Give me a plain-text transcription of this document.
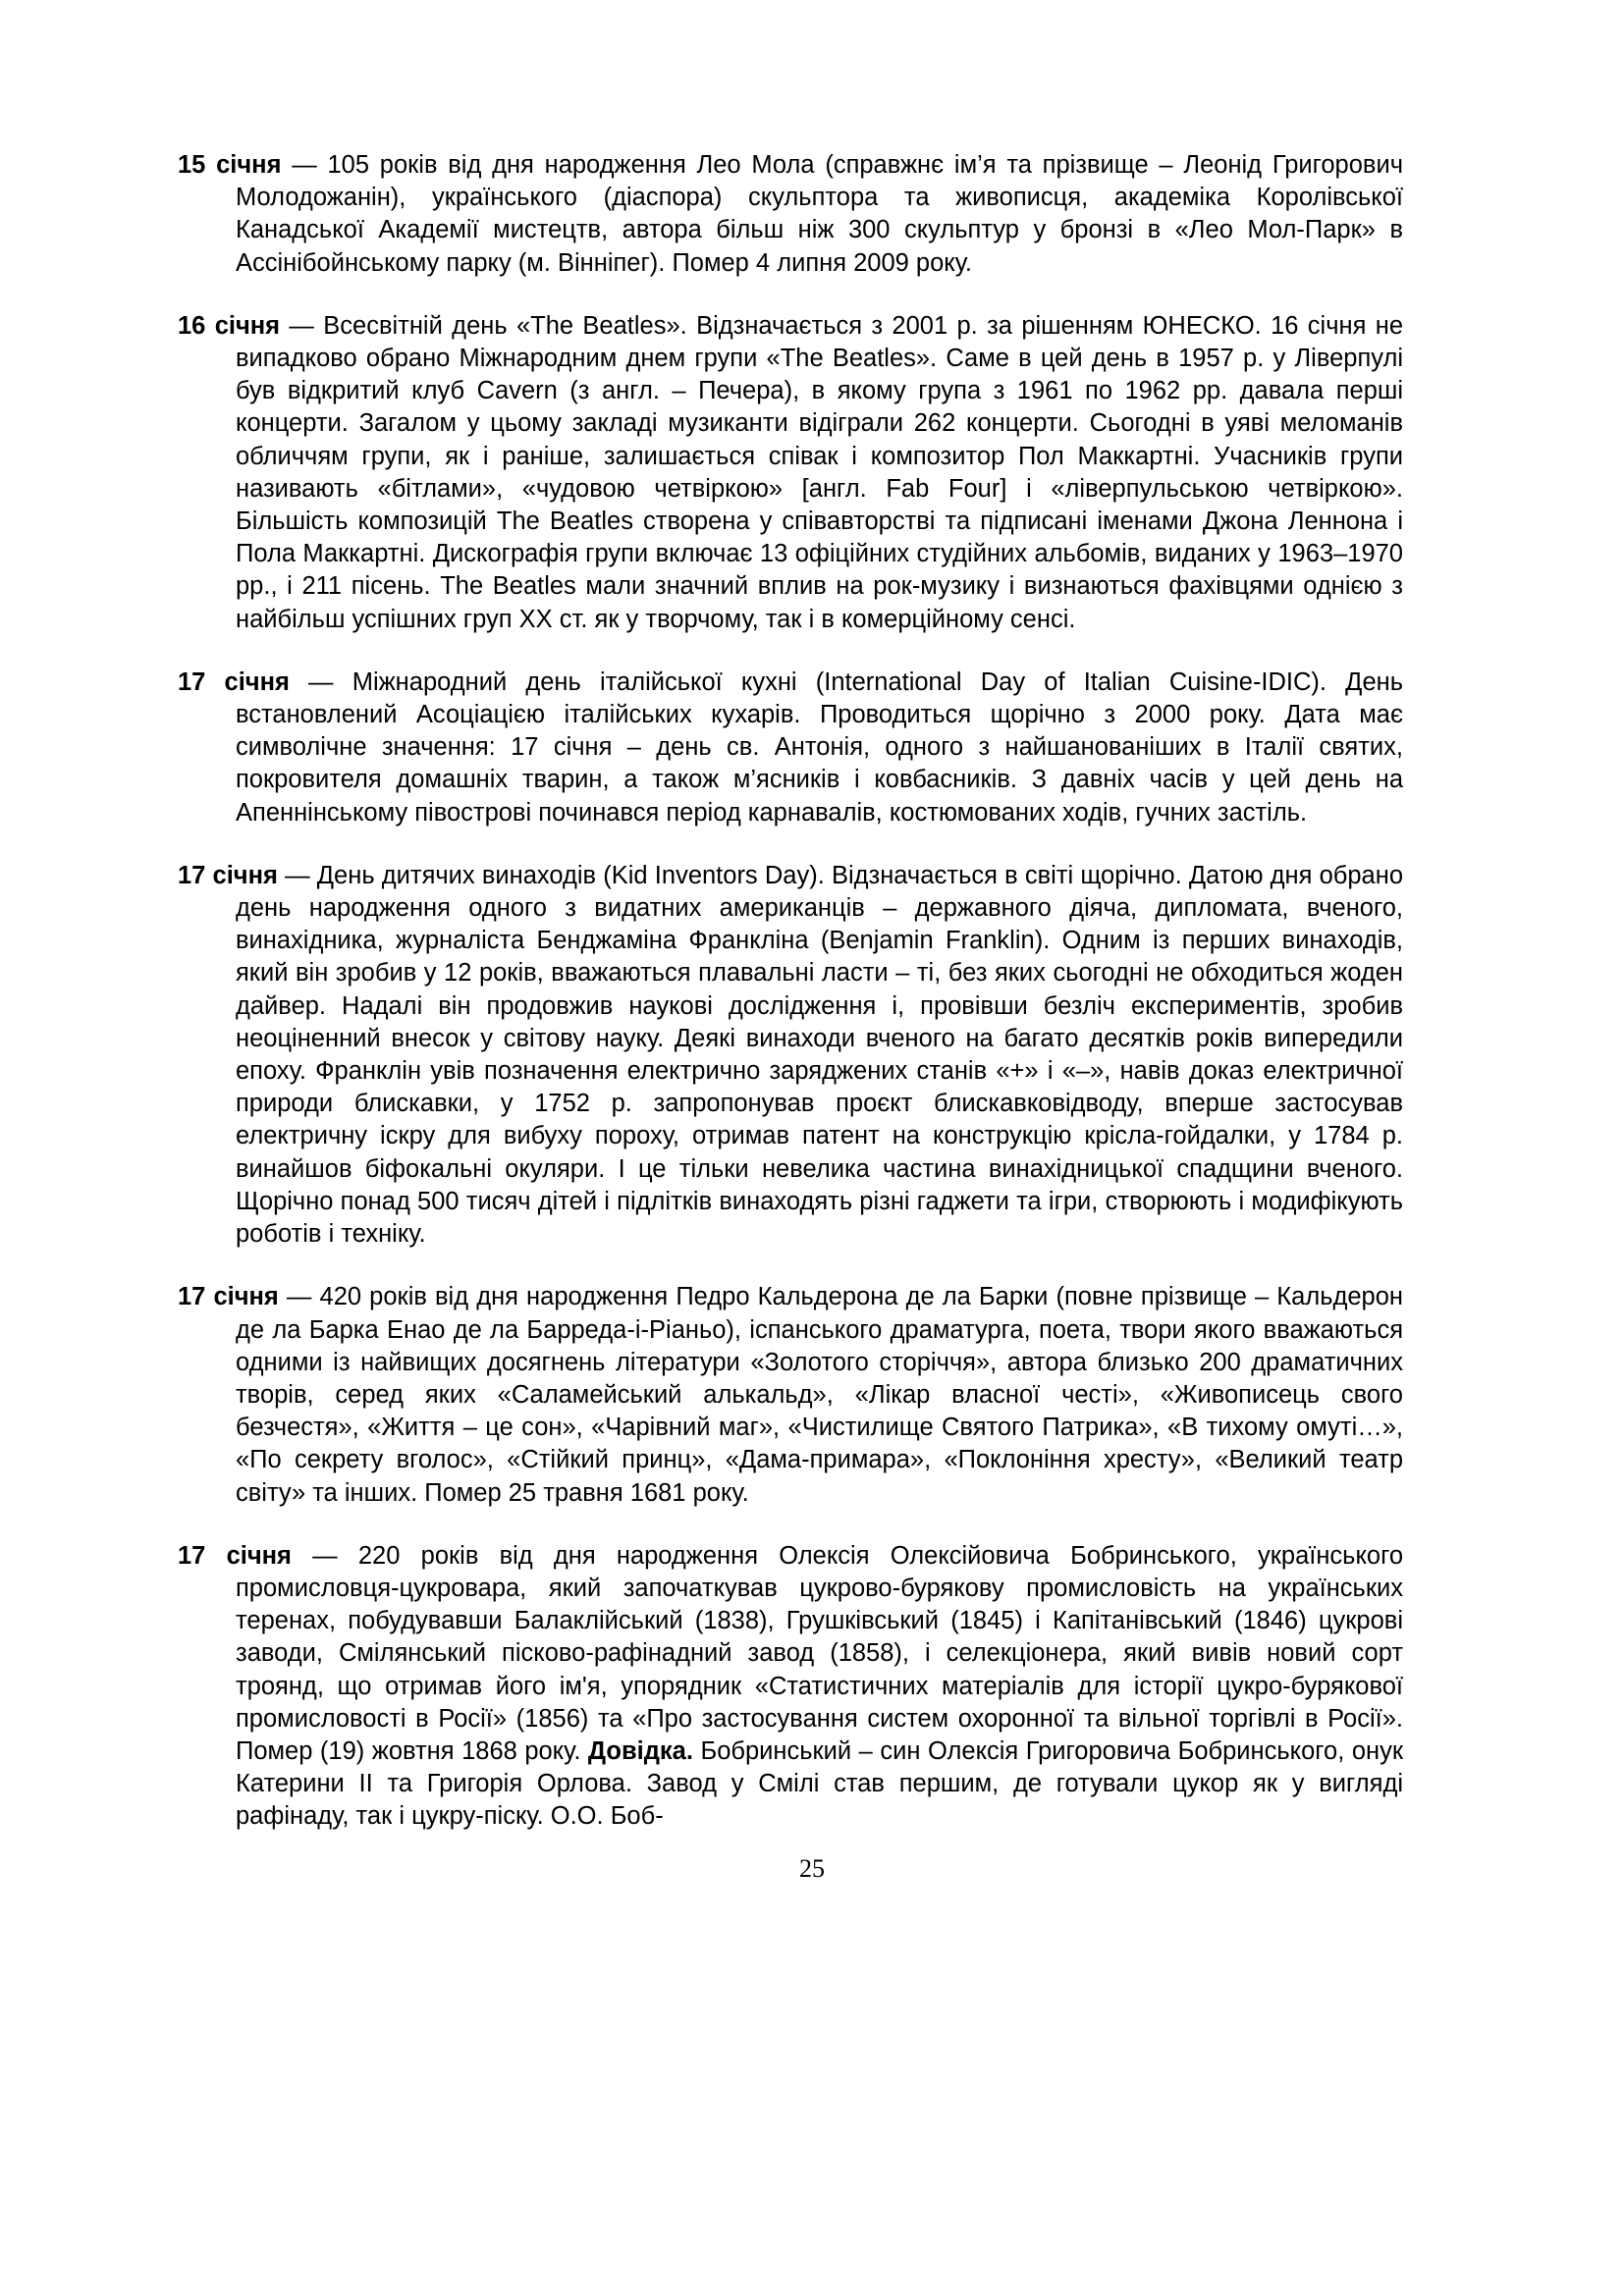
15 січня — 105 років від дня народження Лео Мола (справжнє ім’я та прізвище – Леонід Григорович Молодожанін), українського (діаспора) скульптора та живописця, академіка Королівської Канадської Академії мистецтв, автора більш ніж 300 скульптур у бронзі в «Лео Мол-Парк» в Ассінібойнському парку (м. Вінніпег). Помер 4 липня 2009 року.

16 січня — Всесвітній день «The Beatles». Відзначається з 2001 р. за рішенням ЮНЕСКО. 16 січня не випадково обрано Міжнародним днем групи «The Beatles». Саме в цей день в 1957 р. у Ліверпулі був відкритий клуб Cavern (з англ. – Печера), в якому група з 1961 по 1962 рр. давала перші концерти. Загалом у цьому закладі музиканти відіграли 262 концерти. Сьогодні в уяві меломанів обличчям групи, як і раніше, залишається співак і композитор Пол Маккартні. Учасників групи називають «бітлами», «чудовою четвіркою» [англ. Fab Four] і «ліверпульською четвіркою». Більшість композицій The Beatles створена у співавторстві та підписані іменами Джона Леннона і Пола Маккартні. Дискографія групи включає 13 офіційних студійних альбомів, виданих у 1963–1970 рр., і 211 пісень. The Beatles мали значний вплив на рок-музику і визнаються фахівцями однією з найбільш успішних груп ХХ ст. як у творчому, так і в комерційному сенсі.

17 січня — Міжнародний день італійської кухні (International Day of Italian Cuisine-IDIC). День встановлений Асоціацією італійських кухарів. Проводиться щорічно з 2000 року. Дата має символічне значення: 17 січня – день св. Антонія, одного з найшанованіших в Італії святих, покровителя домашніх тварин, а також м’ясників і ковбасників. З давніх часів у цей день на Апеннінському півострові починався період карнавалів, костюмованих ходів, гучних застіль.

17 січня — День дитячих винаходів (Kid Inventors Day). Відзначається в світі щорічно. Датою дня обрано день народження одного з видатних американців – державного діяча, дипломата, вченого, винахідника, журналіста Бенджаміна Франкліна (Benjamin Franklin). Одним із перших винаходів, який він зробив у 12 років, вважаються плавальні ласти – ті, без яких сьогодні не обходиться жоден дайвер. Надалі він продовжив наукові дослідження і, провівши безліч експериментів, зробив неоціненний внесок у світову науку. Деякі винаходи вченого на багато десятків років випередили епоху. Франклін увів позначення електрично заряджених станів «+» і «–», навів доказ електричної природи блискавки, у 1752 р. запропонував проєкт блискавковідводу, вперше застосував електричну іскру для вибуху пороху, отримав патент на конструкцію крісла-гойдалки, у 1784 р. винайшов біфокальні окуляри. І це тільки невелика частина винахідницької спадщини вченого. Щорічно понад 500 тисяч дітей і підлітків винаходять різні гаджети та ігри, створюють і модифікують роботів і техніку.

17 січня — 420 років від дня народження Педро Кальдерона де ла Барки (повне прізвище – Кальдерон де ла Барка Енао де ла Барреда-і-Ріаньо), іспанського драматурга, поета, твори якого вважаються одними із найвищих досягнень літератури «Золотого сторіччя», автора близько 200 драматичних творів, серед яких «Саламейський алькальд», «Лікар власної честі», «Живописець свого безчестя», «Життя – це сон», «Чарівний маг», «Чистилище Святого Патрика», «В тихому омуті…», «По секрету вголос», «Стійкий принц», «Дама-примара», «Поклоніння хресту», «Великий театр світу» та інших. Помер 25 травня 1681 року.

17 січня — 220 років від дня народження Олексія Олексійовича Бобринського, українського промисловця-цукровара, який започаткував цукрово-бурякову промисловість на українських теренах, побудувавши Балаклійський (1838), Грушківський (1845) і Капітанівський (1846) цукрові заводи, Смілянський пісково-рафінадний завод (1858), і селекціонера, який вивів новий сорт троянд, що отримав його ім'я, упорядник «Статистичних матеріалів для історії цукро-бурякової промисловості в Росії» (1856) та «Про застосування систем охоронної та вільної торгівлі в Росії». Помер (19) жовтня 1868 року. Довідка. Бобринський – син Олексія Григоровича Бобринського, онук Катерини ІІ та Григорія Орлова. Завод у Смілі став першим, де готували цукор як у вигляді рафінаду, так і цукру-піску. О.О. Боб-

25
